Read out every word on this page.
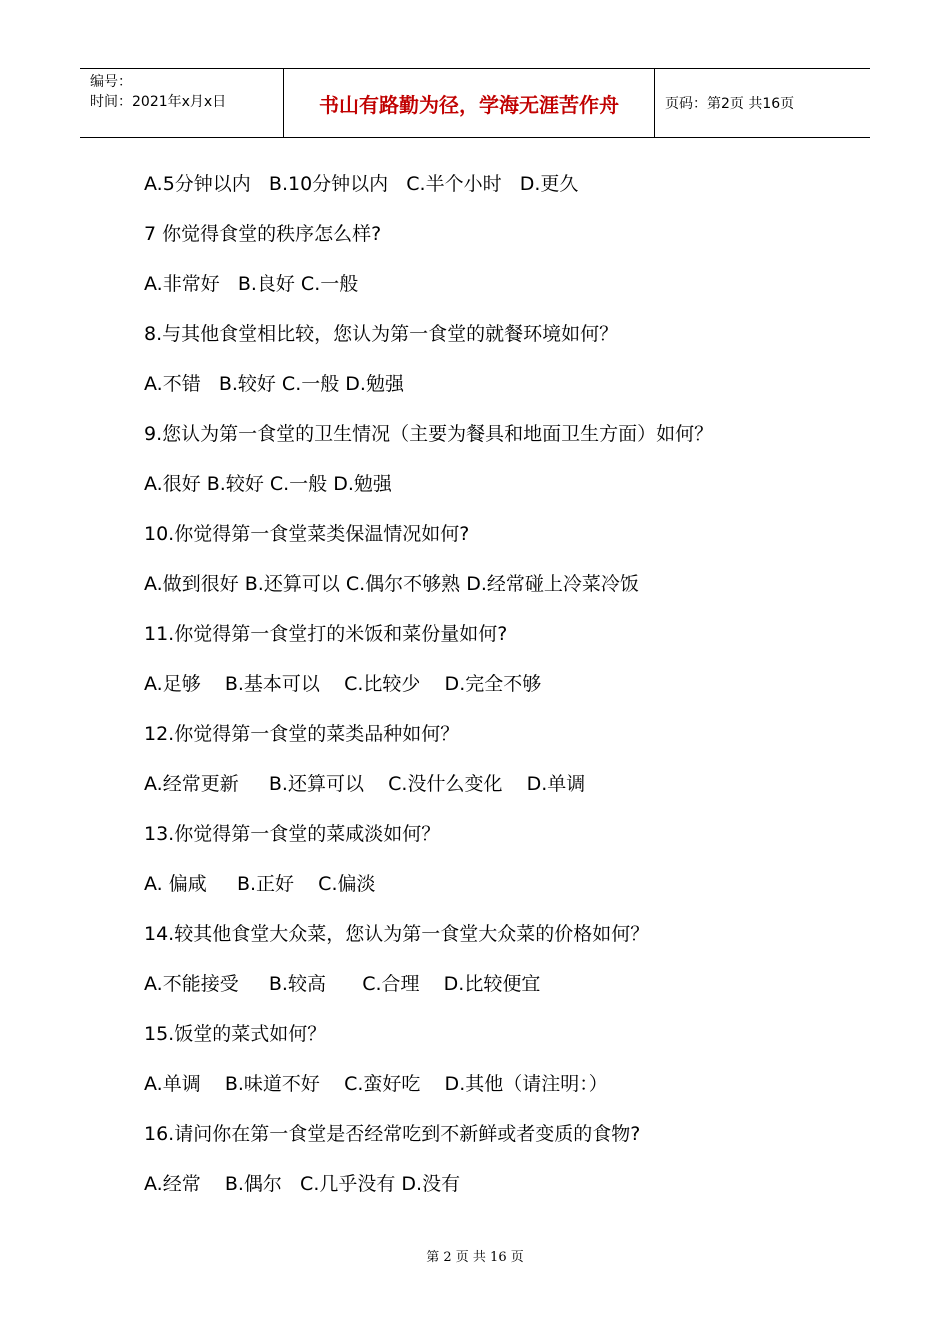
编号：
时间：2021年x月x日	书山有路勤为径，学海无涯苦作舟	页码：第2页 共16页
A.5分钟以内   B.10分钟以内   C.半个小时   D.更久
7 你觉得食堂的秩序怎么样?
A.非常好   B.良好 C.一般
8.与其他食堂相比较，您认为第一食堂的就餐环境如何？
A.不错   B.较好 C.一般 D.勉强
9.您认为第一食堂的卫生情况（主要为餐具和地面卫生方面）如何？
A.很好 B.较好 C.一般 D.勉强
10.你觉得第一食堂菜类保温情况如何?
A.做到很好 B.还算可以 C.偶尔不够熟 D.经常碰上冷菜冷饭
11.你觉得第一食堂打的米饭和菜份量如何?
A.足够    B.基本可以    C.比较少    D.完全不够
12.你觉得第一食堂的菜类品种如何？
A.经常更新     B.还算可以    C.没什么变化    D.单调
13.你觉得第一食堂的菜咸淡如何？
A. 偏咸     B.正好    C.偏淡
14.较其他食堂大众菜，您认为第一食堂大众菜的价格如何？
A.不能接受     B.较高      C.合理    D.比较便宜
15.饭堂的菜式如何？
A.单调    B.味道不好    C.蛮好吃    D.其他（请注明：）
16.请问你在第一食堂是否经常吃到不新鲜或者变质的食物?
A.经常    B.偶尔   C.几乎没有 D.没有
第 2 页 共 16 页
